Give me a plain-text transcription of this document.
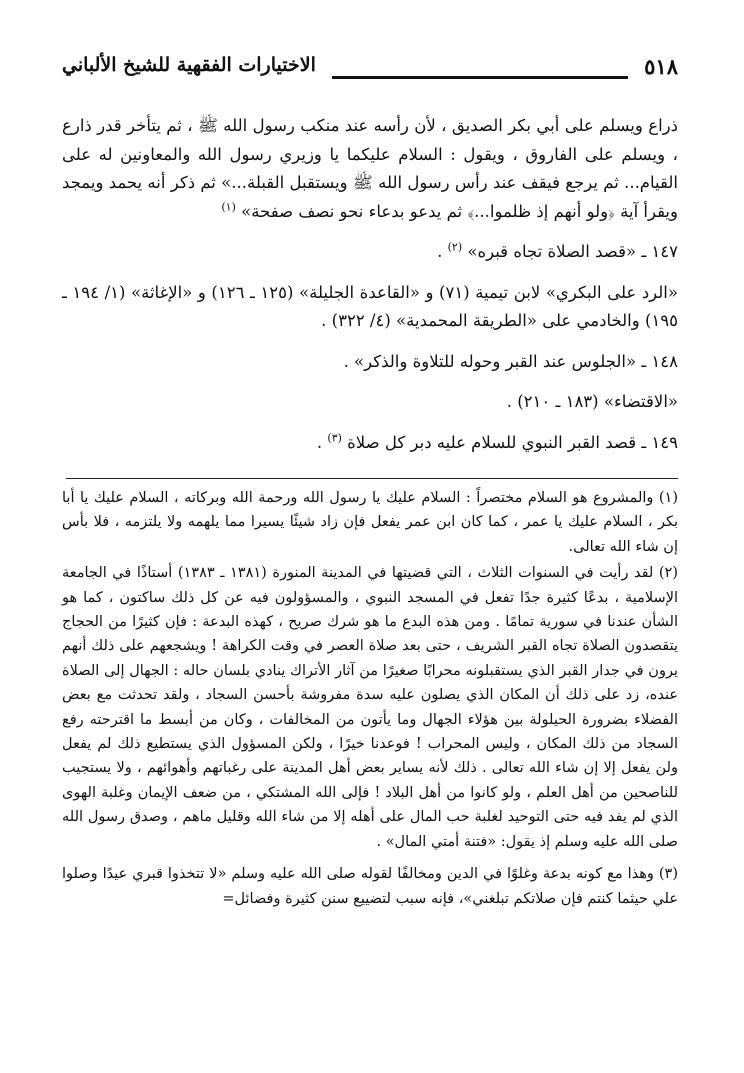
٥١٨
الاختيارات الفقهية للشيخ الألباني

ذراع ويسلم على أبي بكر الصديق ، لأن رأسه عند منكب رسول الله ﷺ ، ثم يتأخر قدر ذارع ، ويسلم على الفاروق ، ويقول : السلام عليكما يا وزيري رسول الله والمعاونين له على القيام... ثم يرجع فيقف عند رأس رسول الله ﷺ ويستقبل القبلة...» ثم ذكر أنه يحمد ويمجد ويقرأ آية ﴿ولو أنهم إذ ظلموا...﴾ ثم يدعو بدعاء نحو نصف صفحة» $^{(١)}$

١٤٧ ـ «قصد الصلاة تجاه قبره» $^{(٢)}$ .

«الرد على البكري» لابن تيمية (٧١) و «القاعدة الجليلة» (١٢٥ ـ ١٢٦) و «الإغاثة» (١/ ١٩٤ ـ ١٩٥) والخادمي على «الطريقة المحمدية» (٤/ ٣٢٢) .

١٤٨ ـ «الجلوس عند القبر وحوله للتلاوة والذكر» .

«الاقتضاء» (١٨٣ ـ ٢١٠) .

١٤٩ ـ قصد القبر النبوي للسلام عليه دبر كل صلاة $^{(٣)}$ .

(١) والمشروع هو السلام مختصراً : السلام عليك يا رسول الله ورحمة الله وبركاته ، السلام عليك يا أبا بكر ، السلام عليك يا عمر ، كما كان ابن عمر يفعل فإن زاد شيئًا يسيرا مما يلهمه ولا يلتزمه ، فلا بأس إن شاء الله تعالى.

(٢) لقد رأيت في السنوات الثلاث ، التي قضيتها في المدينة المنورة (١٣٨١ ـ ١٣٨٣) أستاذًا في الجامعة الإسلامية ، بدعًا كثيرة جدًا تفعل في المسجد النبوي ، والمسؤولون فيه عن كل ذلك ساكتون ، كما هو الشأن عندنا في سورية تمامًا . ومن هذه البدع ما هو شرك صريح ، كهذه البدعة : فإن كثيرًا من الحجاج يتقصدون الصلاة تجاه القبر الشريف ، حتى بعد صلاة العصر في وقت الكراهة ! ويشجعهم على ذلك أنهم يرون في جدار القبر الذي يستقبلونه محرابًا صغيرًا من آثار الأتراك ينادي بلسان حاله : الجهال إلى الصلاة عنده، زد على ذلك أن المكان الذي يصلون عليه سدة مفروشة بأحسن السجاد ، ولقد تحدثت مع بعض الفضلاء بضرورة الحيلولة بين هؤلاء الجهال وما يأتون من المخالفات ، وكان من أبسط ما اقترحته رفع السجاد من ذلك المكان ، وليس المحراب ! فوعدنا خيرًا ، ولكن المسؤول الذي يستطيع ذلك لم يفعل ولن يفعل إلا إن شاء الله تعالى . ذلك لأنه يساير بعض أهل المدينة على رغباتهم وأهوائهم ، ولا يستجيب للناصحين من أهل العلم ، ولو كانوا من أهل البلاد ! فإلى الله المشتكي ، من ضعف الإيمان وغلبة الهوى الذي لم يفد فيه حتى التوحيد لغلبة حب المال على أهله إلا من شاء الله وقليل ماهم ، وصدق رسول الله صلى الله عليه وسلم إذ يقول: «فتنة أمتي المال» .

(٣) وهذا مع كونه بدعة وغلوًا في الدين ومخالفًا لقوله صلى الله عليه وسلم «لا تتخذوا قبري عيدًا وصلوا علي حيثما كنتم فإن صلاتكم تبلغني»، فإنه سبب لتضييع سنن كثيرة وفضائل=
